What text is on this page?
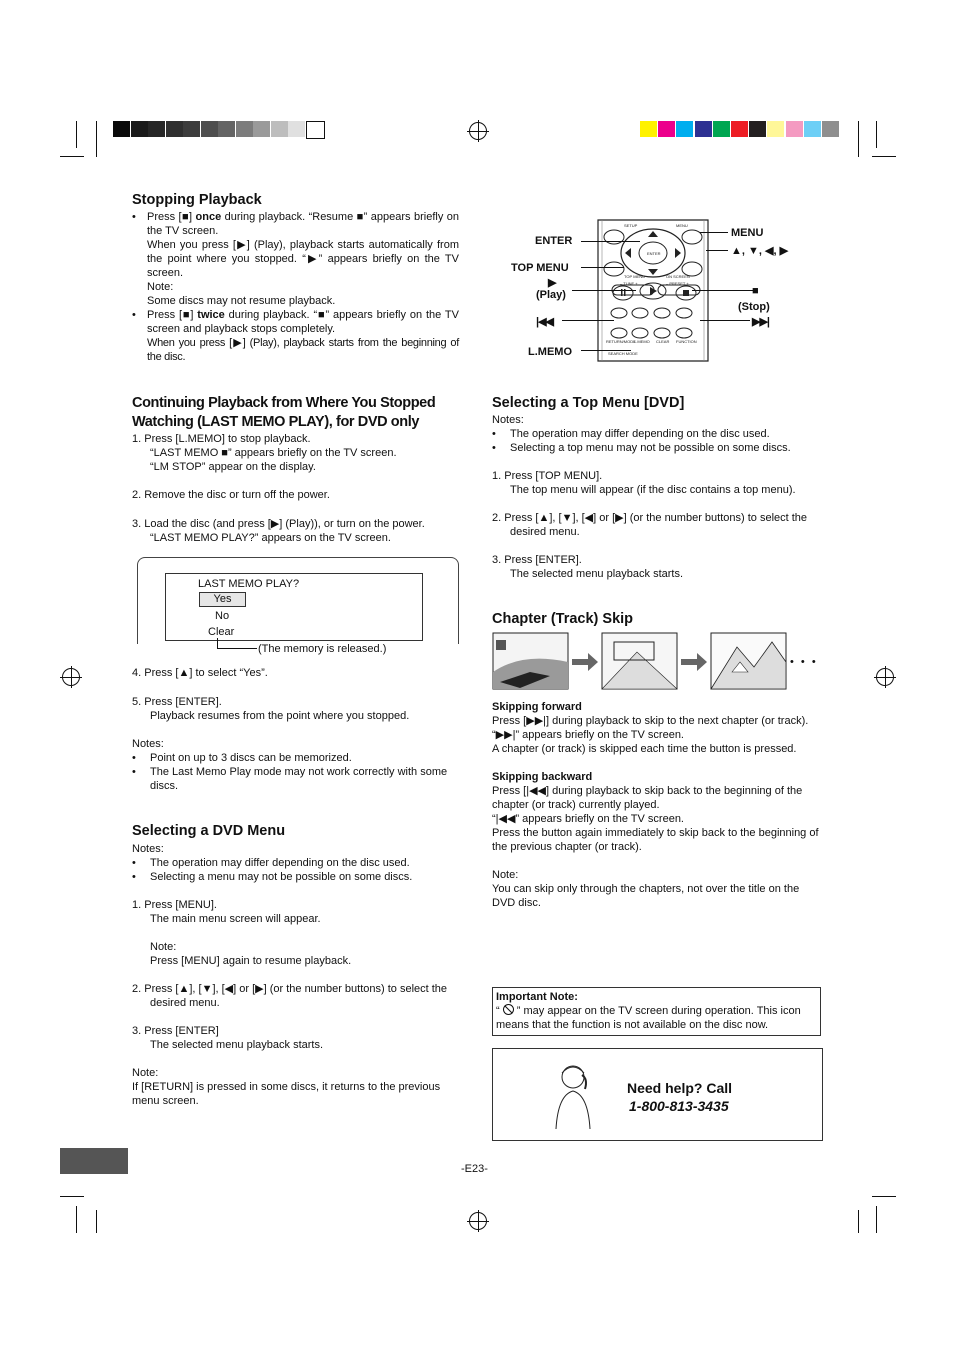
Stopping Playback
• Press [■] once during playback. “Resume ■” appears briefly on the TV screen.
When you press [▶] (Play), playback starts automatically from the point where you stopped. “▶” appears briefly on the TV screen.
Note:
Some discs may not resume playback.
• Press [■] twice during playback. “■” appears briefly on the TV screen and playback stops completely.
When you press [▶] (Play), playback starts from the beginning of the disc.
Continuing Playback from Where You Stopped Watching (LAST MEMO PLAY), for DVD only
1. Press [L.MEMO] to stop playback.
“LAST MEMO ■” appears briefly on the TV screen.
“LM STOP” appear on the display.
2. Remove the disc or turn off the power.
3. Load the disc (and press [▶] (Play)), or turn on the power.
“LAST MEMO PLAY?” appears on the TV screen.
LAST MEMO PLAY?
Yes
No
Clear
(The memory is released.)
4. Press [▲] to select “Yes”.
5. Press [ENTER].
Playback resumes from the point where you stopped.
Notes:
• Point on up to 3 discs can be memorized.
• The Last Memo Play mode may not work correctly with some discs.
Selecting a DVD Menu
Notes:
• The operation may differ depending on the disc used.
• Selecting a menu may not be possible on some discs.
1. Press [MENU].
The main menu screen will appear.
Note:
Press [MENU] again to resume playback.
2. Press [▲], [▼], [◀] or [▶] (or the number buttons) to select the desired menu.
3. Press [ENTER]
The selected menu playback starts.
Note:
If [RETURN] is pressed in some discs, it returns to the previous menu screen.
SETUP	MENU
ENTER
TOP MENU	ON SCREEN
– TUNE +	– PRESET +
RETURN/MODE
L.MEMO CLEAR FUNCTION
SEARCH MODE
ENTER
TOP MENU
▶
(Play)
|◀◀
L.MEMO
MENU
▲, ▼, ◀, ▶
■
(Stop)
▶▶|
Selecting a Top Menu [DVD]
Notes:
• The operation may differ depending on the disc used.
• Selecting a top menu may not be possible on some discs.
1. Press [TOP MENU].
The top menu will appear (if the disc contains a top menu).
2. Press [▲], [▼], [◀] or [▶] (or the number buttons) to select the desired menu.
3. Press [ENTER].
The selected menu playback starts.
Chapter (Track) Skip
• • •
Skipping forward
Press [▶▶|] during playback to skip to the next chapter (or track).
“▶▶|” appears briefly on the TV screen.
A chapter (or track) is skipped each time the button is pressed.
Skipping backward
Press [|◀◀] during playback to skip back to the beginning of the chapter (or track) currently played.
“|◀◀” appears briefly on the TV screen.
Press the button again immediately to skip back to the beginning of the previous chapter (or track).
Note:
You can skip only through the chapters, not over the title on the DVD disc.
Important Note:
“ ” may appear on the TV screen during operation. This icon means that the function is not available on the disc now.
Need help? Call
1-800-813-3435
-E23-
